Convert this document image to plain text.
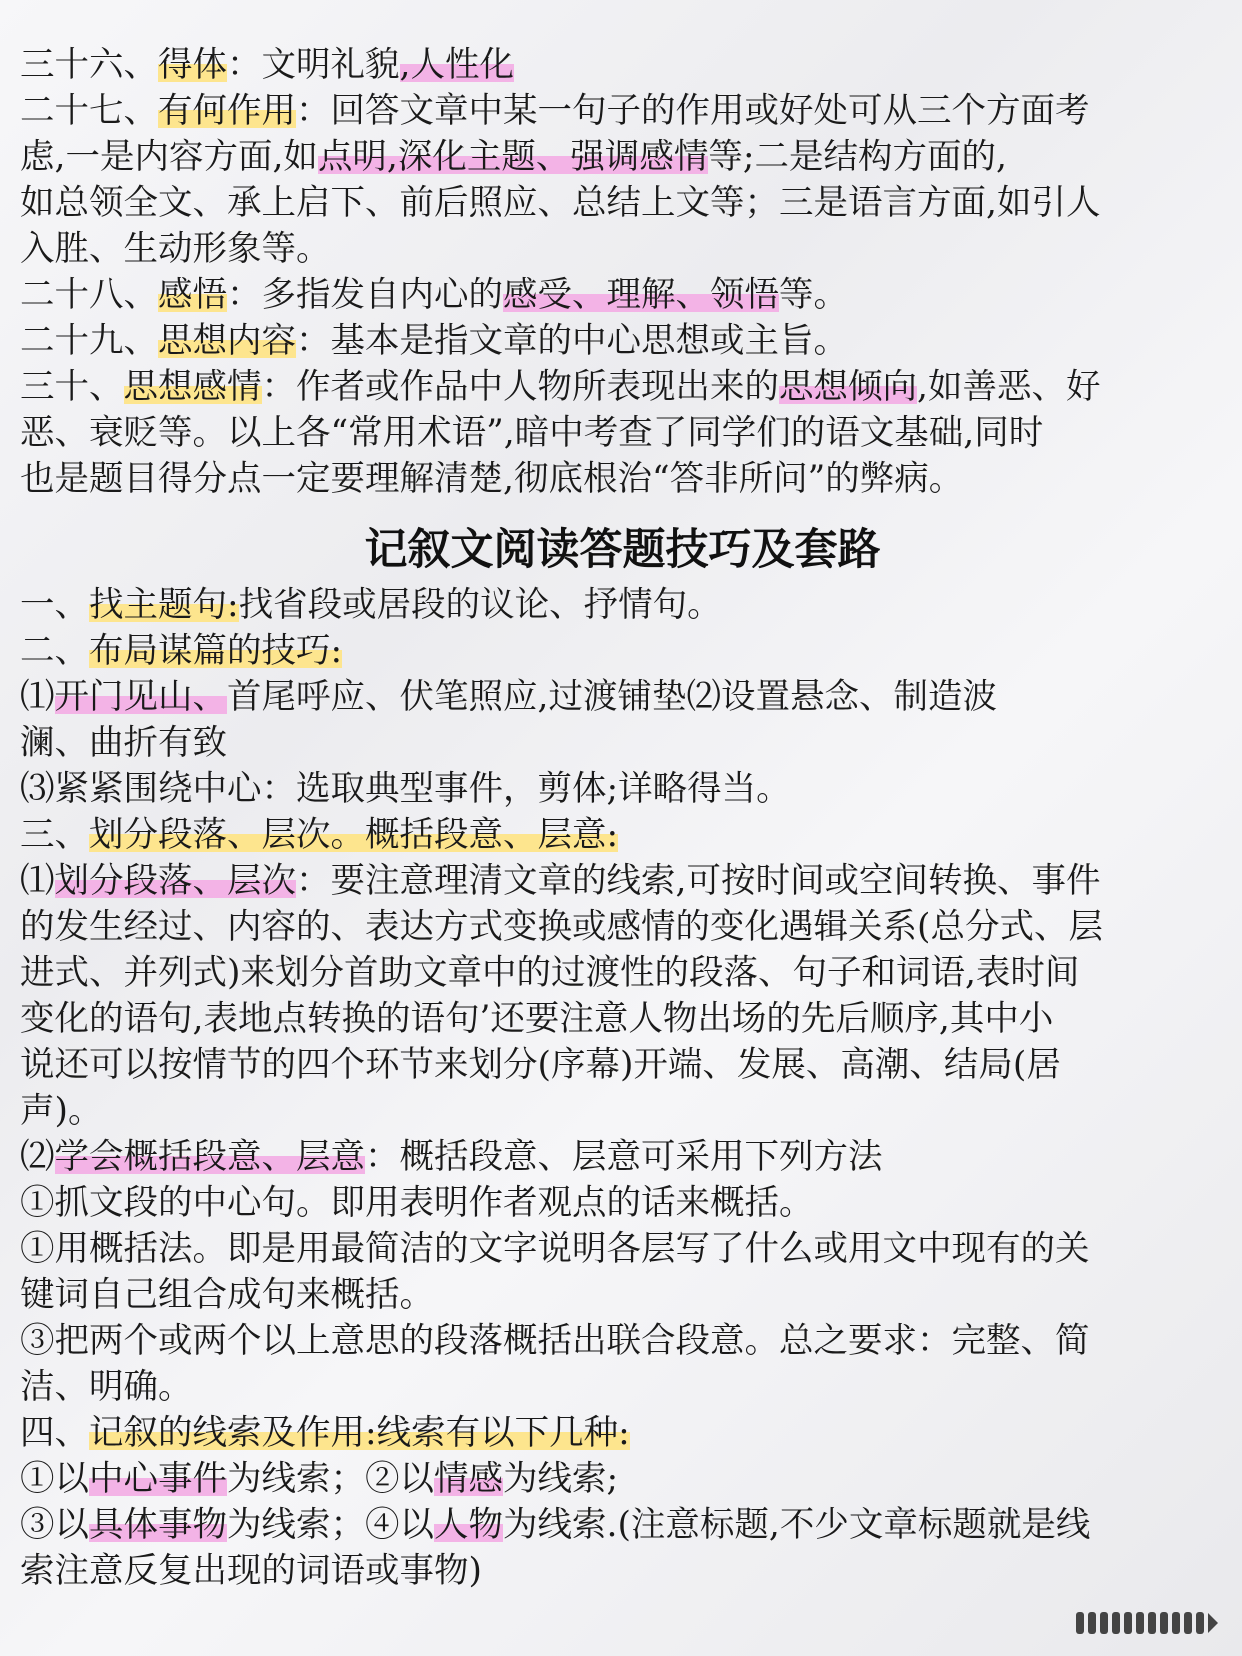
三十六、得体：文明礼貌,人性化
二十七、有何作用：回答文章中某一句子的作用或好处可从三个方面考
虑,一是内容方面,如点明,深化主题、强调感情等;二是结构方面的,
如总领全文、承上启下、前后照应、总结上文等；三是语言方面,如引人
入胜、生动形象等。
二十八、感悟：多指发自内心的感受、理解、领悟等。
二十九、思想内容：基本是指文章的中心思想或主旨。
三十、思想感情：作者或作品中人物所表现出来的思想倾向,如善恶、好
恶、衰贬等。以上各“常用术语”,暗中考查了同学们的语文基础,同时
也是题目得分点一定要理解清楚,彻底根治“答非所问”的弊病。
记叙文阅读答题技巧及套路
一、找主题句:找省段或居段的议论、抒情句。
二、布局谋篇的技巧:
⑴开门见山、首尾呼应、伏笔照应,过渡铺垫⑵设置悬念、制造波
澜、曲折有致
⑶紧紧围绕中心：选取典型事件，剪体;详略得当。
三、划分段落、层次。概括段意、层意:
⑴划分段落、层次：要注意理清文章的线索,可按时间或空间转换、事件
的发生经过、内容的、表达方式变换或感情的变化遇辑关系(总分式、层
进式、并列式)来划分首助文章中的过渡性的段落、句子和词语,表时间
变化的语句,表地点转换的语句’还要注意人物出场的先后顺序,其中小
说还可以按情节的四个环节来划分(序幕)开端、发展、高潮、结局(居
声)。
⑵学会概括段意、层意：概括段意、层意可采用下列方法
①抓文段的中心句。即用表明作者观点的话来概括。
①用概括法。即是用最简洁的文字说明各层写了什么或用文中现有的关
键词自己组合成句来概括。
③把两个或两个以上意思的段落概括出联合段意。总之要求：完整、简
洁、明确。
四、记叙的线索及作用:线索有以下几种:
①以中心事件为线索；②以情感为线索;
③以具体事物为线索；④以人物为线索.(注意标题,不少文章标题就是线
索注意反复出现的词语或事物)
